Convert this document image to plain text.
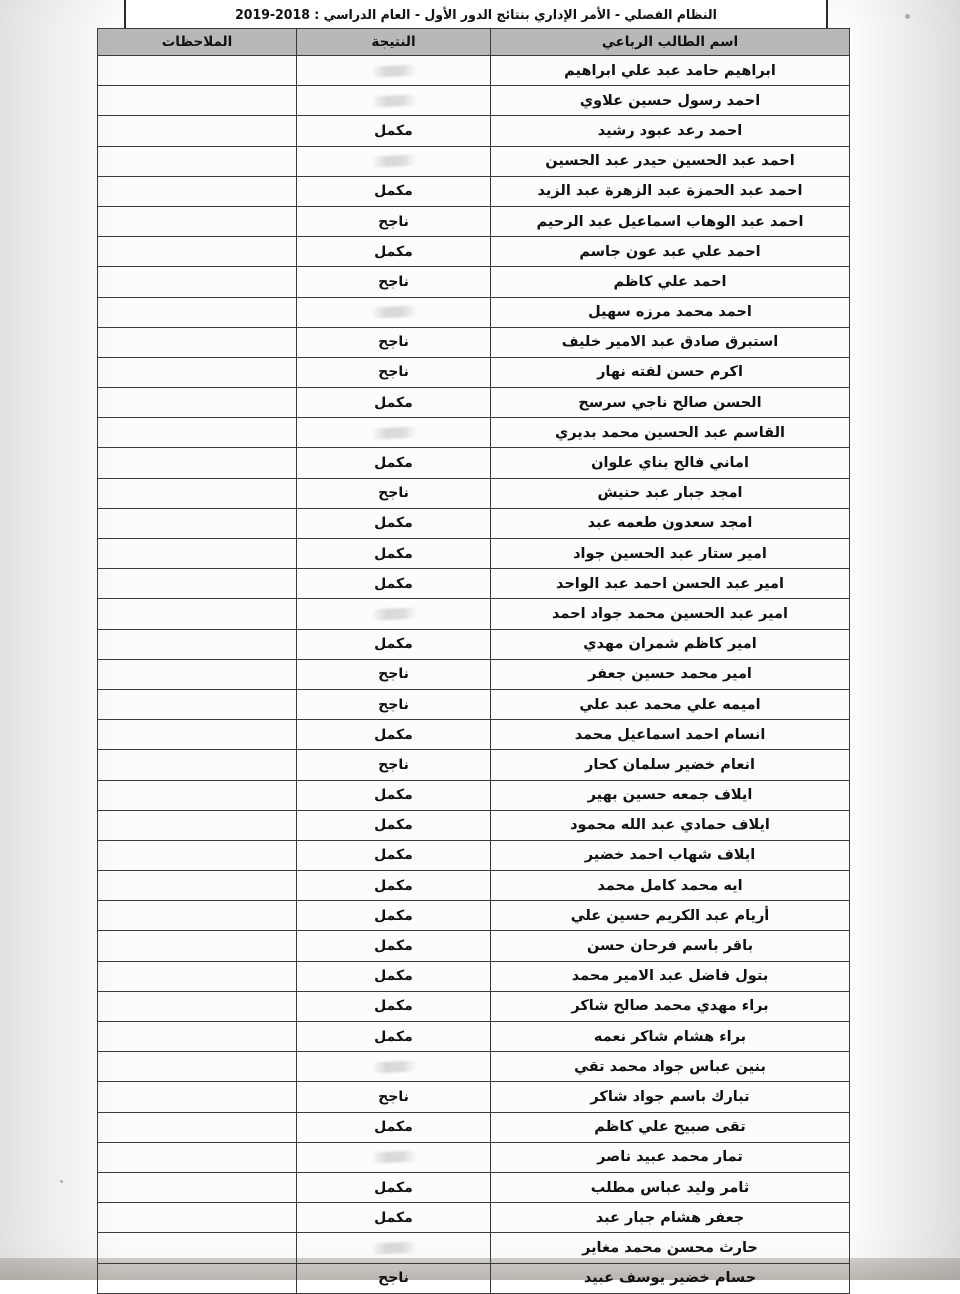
النظام الفصلي - الأمر الإداري بنتائج الدور الأول - العام الدراسي : 2018-2019
اسم الطالب الرباعي	النتيجة	الملاحظات
ابراهيم حامد عبد علي ابراهيم		
احمد رسول حسين علاوي		
احمد رعد عبود رشيد	مكمل	
احمد عبد الحسين حيدر عبد الحسين		
احمد عبد الحمزة عبد الزهرة عبد الزيد	مكمل	
احمد عبد الوهاب اسماعيل عبد الرحيم	ناجح	
احمد علي عبد عون جاسم	مكمل	
احمد علي كاظم	ناجح	
احمد محمد مرزه سهيل		
استبرق صادق عبد الامير خليف	ناجح	
اكرم حسن لفته نهار	ناجح	
الحسن صالح ناجي سرسح	مكمل	
القاسم عبد الحسين محمد بديري		
اماني فالح بناي علوان	مكمل	
امجد جبار عبد حنيش	ناجح	
امجد سعدون طعمه عبد	مكمل	
امير ستار عبد الحسين جواد	مكمل	
امير عبد الحسن احمد عبد الواحد	مكمل	
امير عبد الحسين محمد جواد احمد		
امير كاظم شمران مهدي	مكمل	
امير محمد حسين جعفر	ناجح	
اميمه علي محمد عبد علي	ناجح	
انسام احمد اسماعيل محمد	مكمل	
انعام خضير سلمان كحار	ناجح	
ايلاف جمعه حسين بهير	مكمل	
ايلاف حمادي عبد الله محمود	مكمل	
ايلاف شهاب احمد خضير	مكمل	
ايه محمد كامل محمد	مكمل	
أريام عبد الكريم حسين علي	مكمل	
باقر باسم فرحان حسن	مكمل	
بتول فاضل عبد الامير محمد	مكمل	
براء مهدي محمد صالح شاكر	مكمل	
براء هشام شاكر نعمه	مكمل	
بنين عباس جواد محمد تقي		
تبارك باسم جواد شاكر	ناجح	
تقى صبيح علي كاظم	مكمل	
تمار محمد عبيد ناصر		
ثامر وليد عباس مطلب	مكمل	
جعفر هشام جبار عبد	مكمل	
حارث محسن محمد مغاير		
حسام خضير يوسف عبيد	ناجح	
